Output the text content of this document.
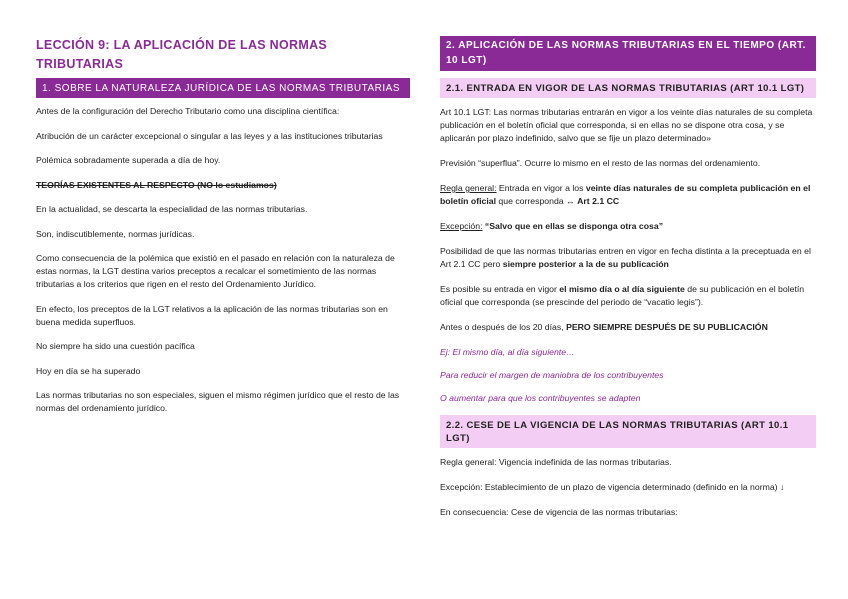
LECCIÓN 9: LA APLICACIÓN DE LAS NORMAS TRIBUTARIAS
1. SOBRE LA NATURALEZA JURÍDICA DE LAS NORMAS TRIBUTARIAS

Antes de la configuración del Derecho Tributario como una disciplina científica:

Atribución de un carácter excepcional o singular a las leyes y a las instituciones tributarias

Polémica sobradamente superada a día de hoy.

TEORÍAS EXISTENTES AL RESPECTO (NO lo estudiamos)

En la actualidad, se descarta la especialidad de las normas tributarias.

Son, indiscutiblemente, normas jurídicas.

Como consecuencia de la polémica que existió en el pasado en relación con la naturaleza de estas normas, la LGT destina varios preceptos a recalcar el sometimiento de las normas tributarias a los criterios que rigen en el resto del Ordenamiento Jurídico.

En efecto, los preceptos de la LGT relativos a la aplicación de las normas tributarias son en buena medida superfluos.

No siempre ha sido una cuestión pacífica

Hoy en día se ha superado

Las normas tributarias no son especiales, siguen el mismo régimen jurídico que el resto de las normas del ordenamiento jurídico.

2. APLICACIÓN DE LAS NORMAS TRIBUTARIAS EN EL TIEMPO (ART. 10 LGT)
2.1. ENTRADA EN VIGOR DE LAS NORMAS TRIBUTARIAS (ART 10.1 LGT)

Art 10.1 LGT: Las normas tributarias entrarán en vigor a los veinte días naturales de su completa publicación en el boletín oficial que corresponda, si en ellas no se dispone otra cosa, y se aplicarán por plazo indefinido, salvo que se fije un plazo determinado»

Previsión “superflua”. Ocurre lo mismo en el resto de las normas del ordenamiento.

Regla general: Entrada en vigor a los veinte días naturales de su completa publicación en el boletín oficial que corresponda ↔ Art 2.1 CC

Excepción: “Salvo que en ellas se disponga otra cosa”

Posibilidad de que las normas tributarias entren en vigor en fecha distinta a la preceptuada en el Art 2.1 CC pero siempre posterior a la de su publicación

Es posible su entrada en vigor el mismo día o al día siguiente de su publicación en el boletín oficial que corresponda (se prescinde del periodo de “vacatio legis”).

Antes o después de los 20 días, PERO SIEMPRE DESPUÉS DE SU PUBLICACIÓN

Ej: El mismo día, al día siguiente…

Para reducir el margen de maniobra de los contribuyentes

O aumentar para que los contribuyentes se adapten

2.2. CESE DE LA VIGENCIA DE LAS NORMAS TRIBUTARIAS (ART 10.1 LGT)

Regla general: Vigencia indefinida de las normas tributarias.

Excepción: Establecimiento de un plazo de vigencia determinado (definido en la norma) ↓

En consecuencia: Cese de vigencia de las normas tributarias:
